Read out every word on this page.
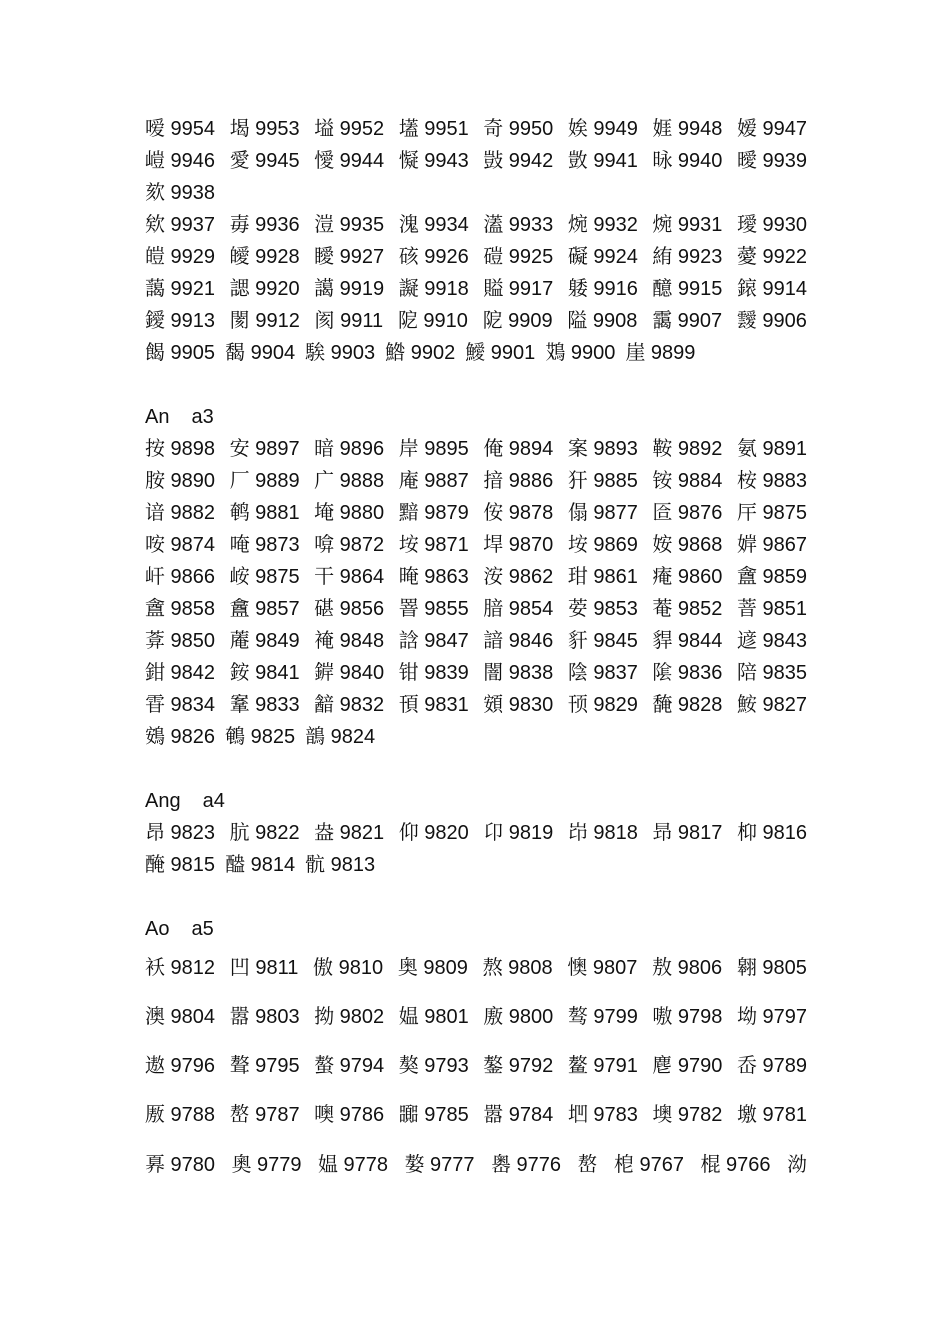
嗳 9954 堨 9953 塧 9952 壒 9951 奇 9950 娭 9949 娾 9948 嫒 9947
嵦 9946 愛 9945 懓 9944 懝 9943 敱 9942 敳 9941 昹 9940 曖 9939
欬 9938
欸 9937 毐 9936 溰 9935 溾 9934 濭 9933 焥 9932 焥 9931 璦 9930
皚 9929 皧 9928 瞹 9927 硋 9926 磑 9925 礙 9924 絠 9923 薆 9922
藹 9921 諰 9920 譪 9919 譺 9918 賹 9917 躷 9916 醷 9915 鎄 9914
鑀 9913 閡 9912 阂 9911 阸 9910 阸 9909 隘 9908 靄 9907 靉 9906
餲 9905 馤 9904 騃 9903 鯦 9902 鱫 9901 鴱 9900 崖 9899
An a3
按 9898 安 9897 暗 9896 岸 9895 俺 9894 案 9893 鞍 9892 氨 9891
胺 9890 厂 9889 广 9888 庵 9887 揞 9886 犴 9885 铵 9884 桉 9883
谙 9882 鹌 9881 埯 9880 黯 9879 侒 9878 傝 9877 匼 9876 厈 9875
咹 9874 唵 9873 啽 9872 垵 9871 垾 9870 垵 9869 姲 9868 婩 9867
屽 9866 峖 9875 干 9864 晻 9863 洝 9862 玵 9861 痷 9860 盦 9859
盦 9858 盫 9857 碪 9856 罯 9855 腤 9854 荌 9853 菴 9852 萻 9851
葊 9850 蓭 9849 裺 9848 誝 9847 諳 9846 豻 9845 貋 9844 遃 9843
鉗 9842 銨 9841 錌 9840 钳 9839 闇 9838 陰 9837 隂 9836 陪 9835
雸 9834 鞌 9833 韽 9832 頇 9831 頞 9830 顸 9829 馣 9828 鮟 9827
鴳 9826 鵪 9825 鶕 9824
Ang a4
昂 9823 肮 9822 盎 9821 仰 9820 卬 9819 岇 9818 昻 9817 枊 9816
醃 9815 醠 9814 骯 9813
Ao a5
袄 9812 凹 9811 傲 9810 奥 9809 熬 9808 懊 9807 敖 9806 翱 9805
澳 9804 嚣 9803 拗 9802 媪 9801 廒 9800 骜 9799 嗷 9798 坳 9797
遨 9796 聱 9795 螯 9794 獒 9793 鏊 9792 鳌 9791 麀 9790 岙 9789
厫 9788 嶅 9787 噢 9786 嚻 9785 嚣 9784 垇 9783 墺 9782 墽 9781
奡 9780 奧 9779 媪 9778 嫯 9777 嶴 9776 嶅 梎 9767 棍 9766 泑
